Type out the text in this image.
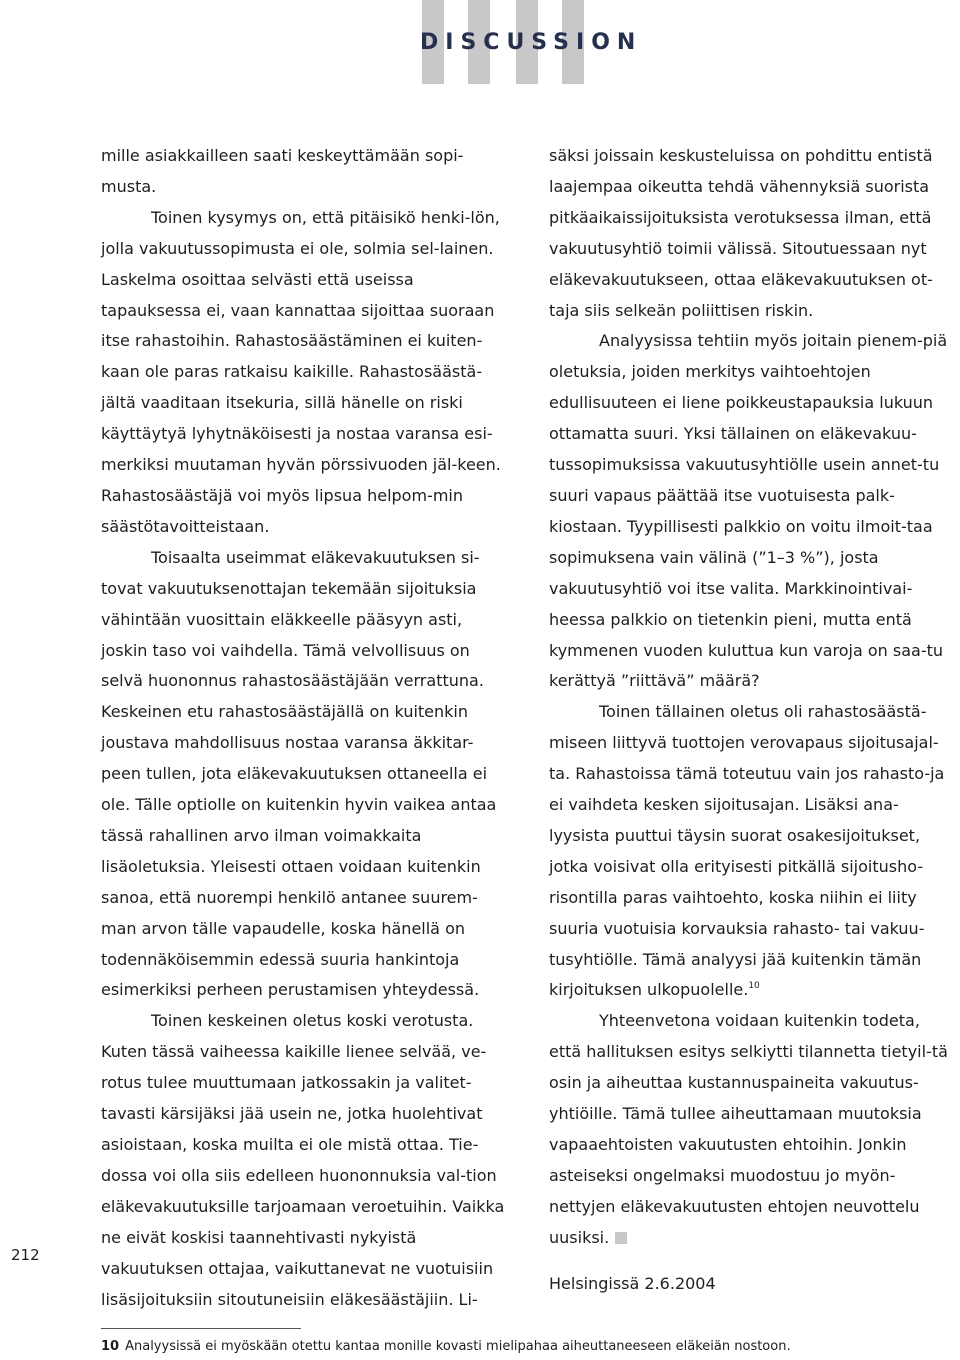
DISCUSSION

mille asiakkailleen saati keskeyttämään sopi-musta.

Toinen kysymys on, että pitäisikö henki-lön, jolla vakuutussopimusta ei ole, solmia sel-lainen. Laskelma osoittaa selvästi että useissa tapauksessa ei, vaan kannattaa sijoittaa suoraan itse rahastoihin. Rahastosäästäminen ei kuiten-kaan ole paras ratkaisu kaikille. Rahastosäästä-jältä vaaditaan itsekuria, sillä hänelle on riski käyttäytyä lyhytnäköisesti ja nostaa varansa esi-merkiksi muutaman hyvän pörssivuoden jäl-keen. Rahastosäästäjä voi myös lipsua helpom-min säästötavoitteistaan.

Toisaalta useimmat eläkevakuutuksen si-tovat vakuutuksenottajan tekemään sijoituksia vähintään vuosittain eläkkeelle pääsyyn asti, joskin taso voi vaihdella. Tämä velvollisuus on selvä huononnus rahastosäästäjään verrattuna. Keskeinen etu rahastosäästäjällä on kuitenkin joustava mahdollisuus nostaa varansa äkkitar-peen tullen, jota eläkevakuutuksen ottaneella ei ole. Tälle optiolle on kuitenkin hyvin vaikea antaa tässä rahallinen arvo ilman voimakkaita lisäoletuksia. Yleisesti ottaen voidaan kuitenkin sanoa, että nuorempi henkilö antanee suurem-man arvon tälle vapaudelle, koska hänellä on todennäköisemmin edessä suuria hankintoja esimerkiksi perheen perustamisen yhteydessä.

Toinen keskeinen oletus koski verotusta. Kuten tässä vaiheessa kaikille lienee selvää, ve-rotus tulee muuttumaan jatkossakin ja valitet-tavasti kärsijäksi jää usein ne, jotka huolehtivat asioistaan, koska muilta ei ole mistä ottaa. Tie-dossa voi olla siis edelleen huononnuksia val-tion eläkevakuutuksille tarjoamaan veroetuihin. Vaikka ne eivät koskisi taannehtivasti nykyistä vakuutuksen ottajaa, vaikuttanevat ne vuotuisiin lisäsijoituksiin sitoutuneisiin eläkesäästäjiin. Li-

säksi joissain keskusteluissa on pohdittu entistä laajempaa oikeutta tehdä vähennyksiä suorista pitkäaikaissijoituksista verotuksessa ilman, että vakuutusyhtiö toimii välissä. Sitoutuessaan nyt eläkevakuutukseen, ottaa eläkevakuutuksen ot-taja siis selkeän poliittisen riskin.

Analyysissa tehtiin myös joitain pienem-piä oletuksia, joiden merkitys vaihtoehtojen edullisuuteen ei liene poikkeustapauksia lukuun ottamatta suuri. Yksi tällainen on eläkevakuu-tussopimuksissa vakuutusyhtiölle usein annet-tu suuri vapaus päättää itse vuotuisesta palk-kiostaan. Tyypillisesti palkkio on voitu ilmoit-taa sopimuksena vain välinä (”1–3 %”), josta vakuutusyhtiö voi itse valita. Markkinointivai-heessa palkkio on tietenkin pieni, mutta entä kymmenen vuoden kuluttua kun varoja on saa-tu kerättyä ”riittävä” määrä?

Toinen tällainen oletus oli rahastosäästä-miseen liittyvä tuottojen verovapaus sijoitusajal-ta. Rahastoissa tämä toteutuu vain jos rahasto-ja ei vaihdeta kesken sijoitusajan. Lisäksi ana-lyysista puuttui täysin suorat osakesijoitukset, jotka voisivat olla erityisesti pitkällä sijoitusho-risontilla paras vaihtoehto, koska niihin ei liity suuria vuotuisia korvauksia rahasto- tai vakuu-tusyhtiölle. Tämä analyysi jää kuitenkin tämän kirjoituksen ulkopuolelle.$^{10}$

Yhteenvetona voidaan kuitenkin todeta, että hallituksen esitys selkiytti tilannetta tietyil-tä osin ja aiheuttaa kustannuspaineita vakuutus-yhtiöille. Tämä tullee aiheuttamaan muutoksia vapaaehtoisten vakuutusten ehtoihin. Jonkin asteiseksi ongelmaksi muodostuu jo myön-nettyjen eläkevakuutusten ehtojen neuvottelu uusiksi.

Helsingissä 2.6.2004

212

10 Analyysissä ei myöskään otettu kantaa monille kovasti mielipahaa aiheuttaneeseen eläkeiän nostoon.
